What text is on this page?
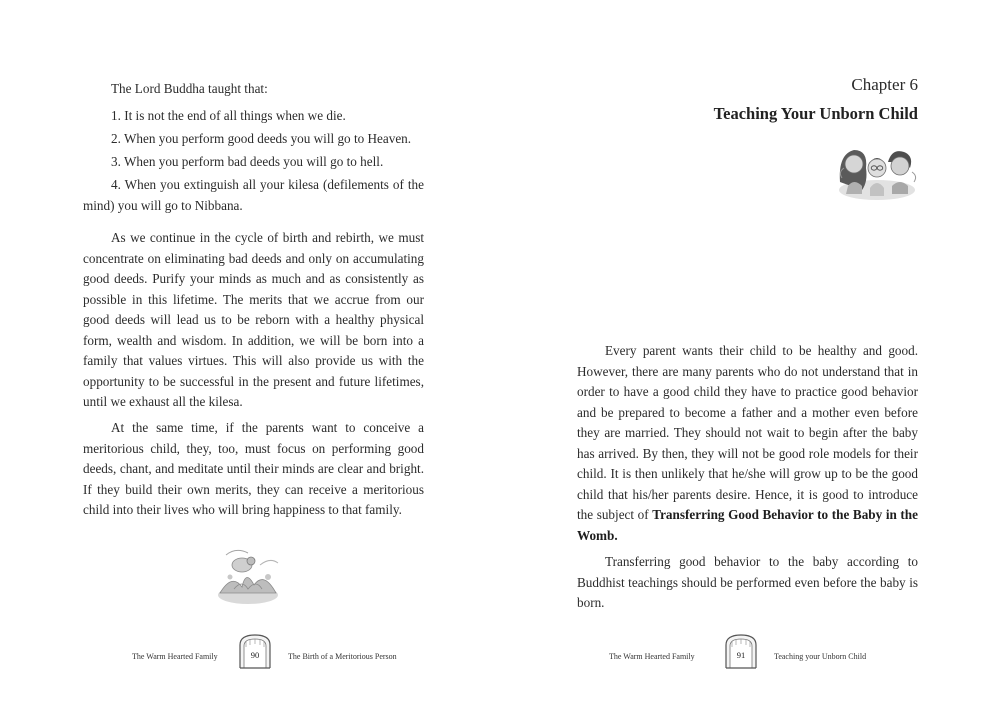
The Lord Buddha taught that:
1. It is not the end of all things when we die.
2. When you perform good deeds you will go to Heaven.
3. When you perform bad deeds you will go to hell.
4. When you extinguish all your kilesa (defilements of the mind) you will go to Nibbana.
As we continue in the cycle of birth and rebirth, we must concentrate on eliminating bad deeds and only on accumulating good deeds. Purify your minds as much and as consistently as possible in this lifetime. The merits that we accrue from our good deeds will lead us to be reborn with a healthy physical form, wealth and wisdom. In addition, we will be born into a family that values virtues. This will also provide us with the opportunity to be successful in the present and future lifetimes, until we exhaust all the kilesa.
At the same time, if the parents want to conceive a meritorious child, they, too, must focus on performing good deeds, chant, and meditate until their minds are clear and bright. If they build their own merits, they can receive a meritorious child into their lives who will bring happiness to that family.
The Warm Hearted Family	90	The Birth of a Meritorious Person
Chapter 6
Teaching Your Unborn Child
Every parent wants their child to be healthy and good. However, there are many parents who do not understand that in order to have a good child they have to practice good behavior and be prepared to become a father and a mother even before they are married. They should not wait to begin after the baby has arrived. By then, they will not be good role models for their child. It is then unlikely that he/she will grow up to be the good child that his/her parents desire. Hence, it is good to introduce the subject of Transferring Good Behavior to the Baby in the Womb.
Transferring good behavior to the baby according to Buddhist teachings should be performed even before the baby is born.
The Warm Hearted Family	91	Teaching your Unborn Child
